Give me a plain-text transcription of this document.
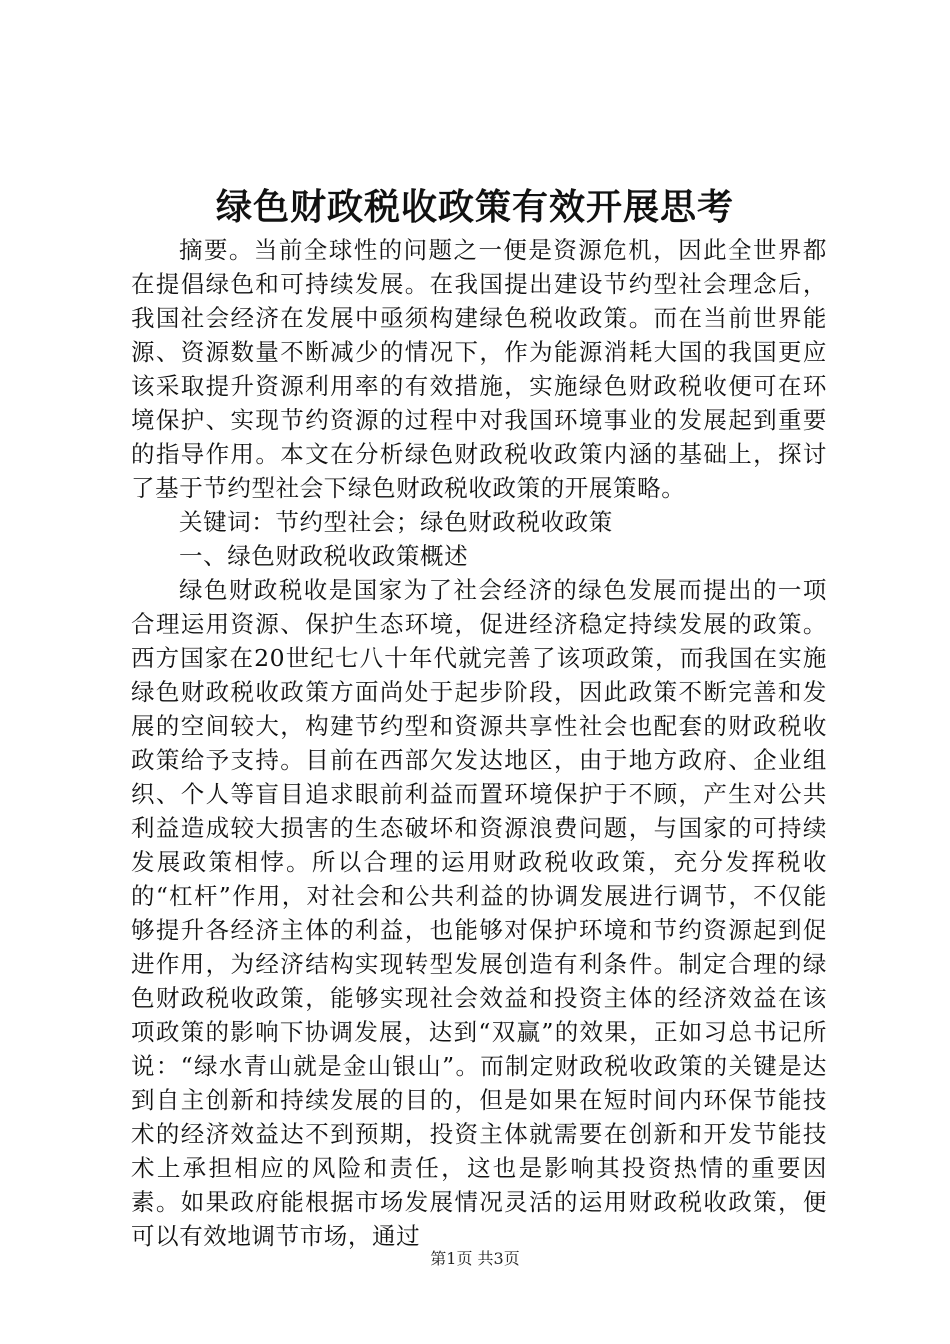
绿色财政税收政策有效开展思考

摘要。当前全球性的问题之一便是资源危机，因此全世界都在提倡绿色和可持续发展。在我国提出建设节约型社会理念后，我国社会经济在发展中亟须构建绿色税收政策。而在当前世界能源、资源数量不断减少的情况下，作为能源消耗大国的我国更应该采取提升资源利用率的有效措施，实施绿色财政税收便可在环境保护、实现节约资源的过程中对我国环境事业的发展起到重要的指导作用。本文在分析绿色财政税收政策内涵的基础上，探讨了基于节约型社会下绿色财政税收政策的开展策略。

关键词：节约型社会；绿色财政税收政策

一、绿色财政税收政策概述

绿色财政税收是国家为了社会经济的绿色发展而提出的一项合理运用资源、保护生态环境，促进经济稳定持续发展的政策。西方国家在20世纪七八十年代就完善了该项政策，而我国在实施绿色财政税收政策方面尚处于起步阶段，因此政策不断完善和发展的空间较大，构建节约型和资源共享性社会也配套的财政税收政策给予支持。目前在西部欠发达地区，由于地方政府、企业组织、个人等盲目追求眼前利益而置环境保护于不顾，产生对公共利益造成较大损害的生态破坏和资源浪费问题，与国家的可持续发展政策相悖。所以合理的运用财政税收政策，充分发挥税收的“杠杆”作用，对社会和公共利益的协调发展进行调节，不仅能够提升各经济主体的利益，也能够对保护环境和节约资源起到促进作用，为经济结构实现转型发展创造有利条件。制定合理的绿色财政税收政策，能够实现社会效益和投资主体的经济效益在该项政策的影响下协调发展，达到“双赢”的效果，正如习总书记所说：“绿水青山就是金山银山”。而制定财政税收政策的关键是达到自主创新和持续发展的目的，但是如果在短时间内环保节能技术的经济效益达不到预期，投资主体就需要在创新和开发节能技术上承担相应的风险和责任，这也是影响其投资热情的重要因素。如果政府能根据市场发展情况灵活的运用财政税收政策，便可以有效地调节市场，通过

第1页 共3页
